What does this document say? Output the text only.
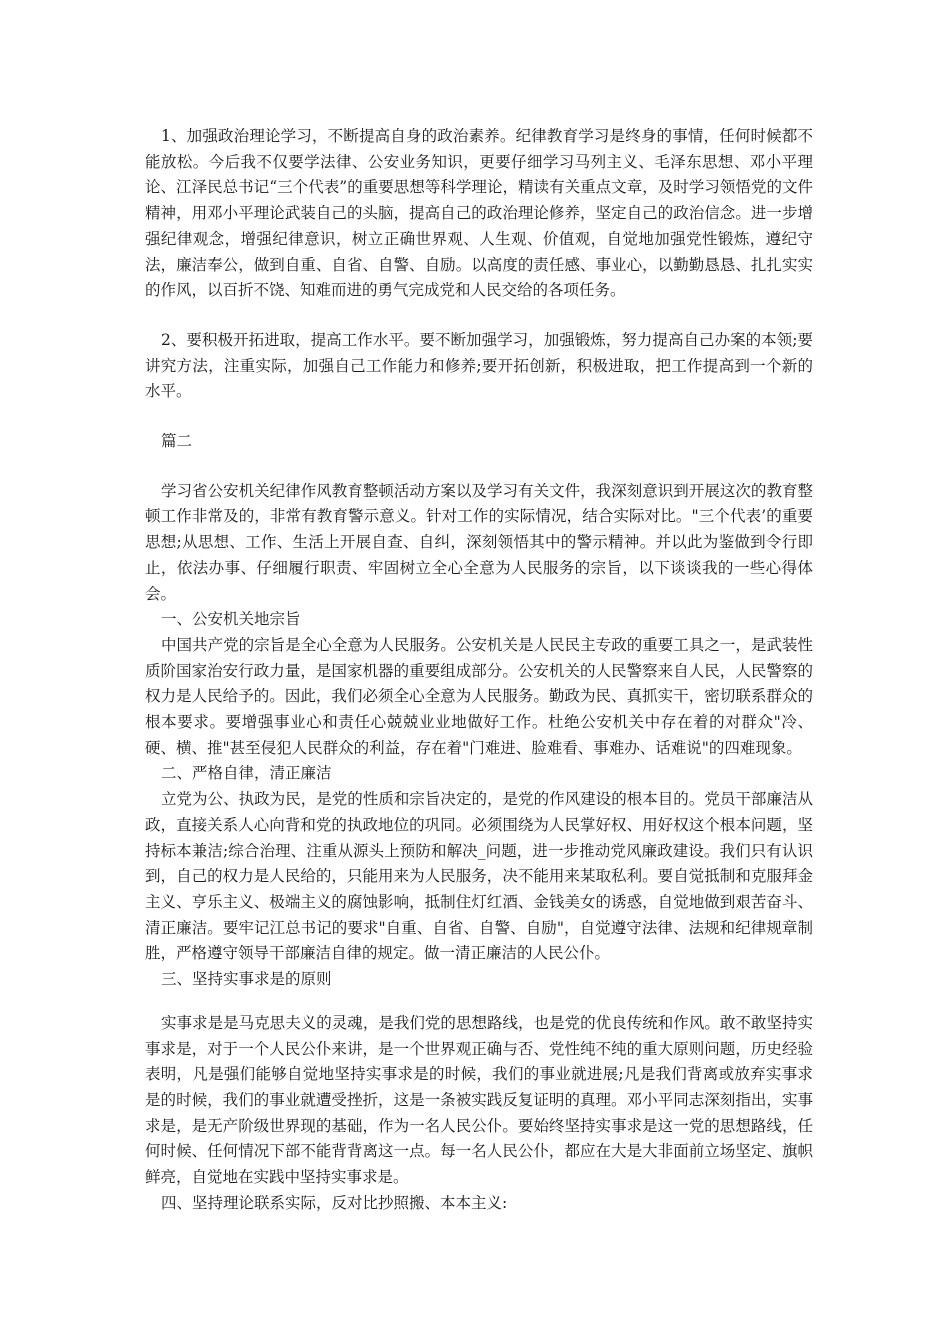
1、加强政治理论学习，不断提高自身的政治素养。纪律教育学习是终身的事情，任何时候都不能放松。今后我不仅要学法律、公安业务知识，更要仔细学习马列主义、毛泽东思想、邓小平理论、江泽民总书记“三个代表”的重要思想等科学理论，精读有关重点文章，及时学习领悟党的文件精神，用邓小平理论武装自己的头脑，提高自己的政治理论修养，坚定自己的政治信念。进一步增强纪律观念，增强纪律意识，树立正确世界观、人生观、价值观，自觉地加强党性锻炼，遵纪守法，廉洁奉公，做到自重、自省、自警、自励。以高度的责任感、事业心，以勤勤恳恳、扎扎实实的作风，以百折不饶、知难而进的勇气完成党和人民交给的各项任务。

2、要积极开拓进取，提高工作水平。要不断加强学习，加强锻炼，努力提高自己办案的本领;要讲究方法，注重实际，加强自己工作能力和修养;要开拓创新，积极进取，把工作提高到一个新的水平。

篇二

学习省公安机关纪律作风教育整顿活动方案以及学习有关文件，我深刻意识到开展这次的教育整顿工作非常及的，非常有教育警示意义。针对工作的实际情况，结合实际对比。"三个代表’的重要思想;从思想、工作、生活上开展自查、自纠，深刻领悟其中的警示精神。并以此为鉴做到令行即止，依法办事、仔细履行职责、牢固树立全心全意为人民服务的宗旨，以下谈谈我的一些心得体会。

一、公安机关地宗旨

中国共产党的宗旨是全心全意为人民服务。公安机关是人民民主专政的重要工具之一，是武装性质阶国家治安行政力量，是国家机器的重要组成部分。公安机关的人民警察来自人民，人民警察的权力是人民给予的。因此，我们必须全心全意为人民服务。勤政为民、真抓实干，密切联系群众的根本要求。要增强事业心和责任心兢兢业业地做好工作。杜绝公安机关中存在着的对群众"冷、硬、横、推"甚至侵犯人民群众的利益，存在着"门难进、脸难看、事难办、话难说"的四难现象。

二、严格自律，清正廉洁

立党为公、执政为民，是党的性质和宗旨决定的，是党的作风建设的根本目的。党员干部廉洁从政，直接关系人心向背和党的执政地位的巩同。必须围绕为人民掌好权、用好权这个根本问题，坚持标本兼洁;综合治理、注重从源头上预防和解决_问题，进一步推动党风廉政建设。我们只有认识到，自己的权力是人民给的，只能用来为人民服务，决不能用来某取私利。要自觉抵制和克服拜金主义、亨乐主义、极端主义的腐蚀影响，抵制住灯红酒、金钱美女的诱惑，自觉地做到艰苦奋斗、清正廉洁。要牢记江总书记的要求"自重、自省、自警、自励"，自觉遵守法律、法规和纪律规章制胜，严格遵守领导干部廉洁自律的规定。做一清正廉洁的人民公仆。

三、坚持实事求是的原则

实事求是是马克思夫义的灵魂，是我们党的思想路线，也是党的优良传统和作风。敢不敢坚持实事求是，对于一个人民公仆来讲，是一个世界观正确与否、党性纯不纯的重大原则问题，历史经验表明，凡是强们能够自觉地坚持实事求是的时候，我们的事业就进展;凡是我们背离或放弃实事求是的时候，我们的事业就遭受挫折，这是一条被实践反复证明的真理。邓小平同志深刻指出，实事求是，是无产阶级世界现的基础，作为一名人民公仆。要始终坚持实事求是这一党的思想路线，任何时候、任何情况下部不能背背离这一点。每一名人民公仆，都应在大是大非面前立场坚定、旗帜鲜亮，自觉地在实践中坚持实事求是。

四、坚持理论联系实际，反对比抄照搬、本本主义:
